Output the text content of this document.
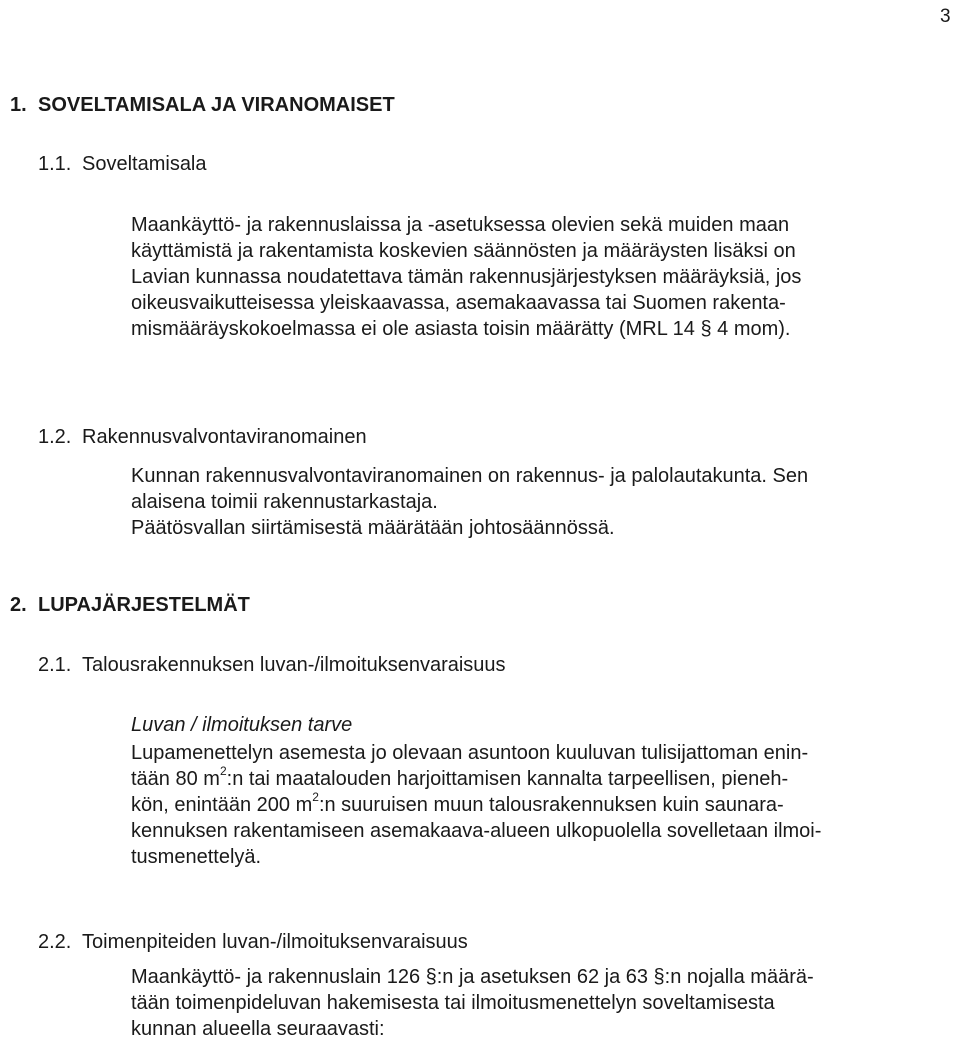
3
1. SOVELTAMISALA JA VIRANOMAISET
1.1. Soveltamisala
Maankäyttö- ja rakennuslaissa ja -asetuksessa olevien sekä muiden maan
käyttämistä ja rakentamista koskevien säännösten ja määräysten lisäksi on
Lavian kunnassa noudatettava tämän rakennusjärjestyksen määräyksiä, jos
oikeusvaikutteisessa yleiskaavassa, asemakaavassa tai Suomen rakenta-
mismääräyskokoelmassa ei ole asiasta toisin määrätty (MRL 14 § 4 mom).
1.2. Rakennusvalvontaviranomainen
Kunnan rakennusvalvontaviranomainen on rakennus- ja palolautakunta. Sen
alaisena toimii rakennustarkastaja.
Päätösvallan siirtämisestä määrätään johtosäännössä.
2. LUPAJÄRJESTELMÄT
2.1. Talousrakennuksen luvan-/ilmoituksenvaraisuus
Luvan / ilmoituksen tarve
Lupamenettelyn asemesta jo olevaan asuntoon kuuluvan tulisijattoman enin-
tään 80 $m^2:n$ tai maatalouden harjoittamisen kannalta tarpeellisen, pieneh-
kön, enintään 200 $m^2:n$ suuruisen muun talousrakennuksen kuin saunara-
kennuksen rakentamiseen asemakaava-alueen ulkopuolella sovelletaan ilmoi-
tusmenettelyä.
2.2. Toimenpiteiden luvan-/ilmoituksenvaraisuus
Maankäyttö- ja rakennuslain 126 §:n ja asetuksen 62 ja 63 §:n nojalla määrä-
tään toimenpideluvan hakemisesta tai ilmoitusmenettelyn soveltamisesta
kunnan alueella seuraavasti:
